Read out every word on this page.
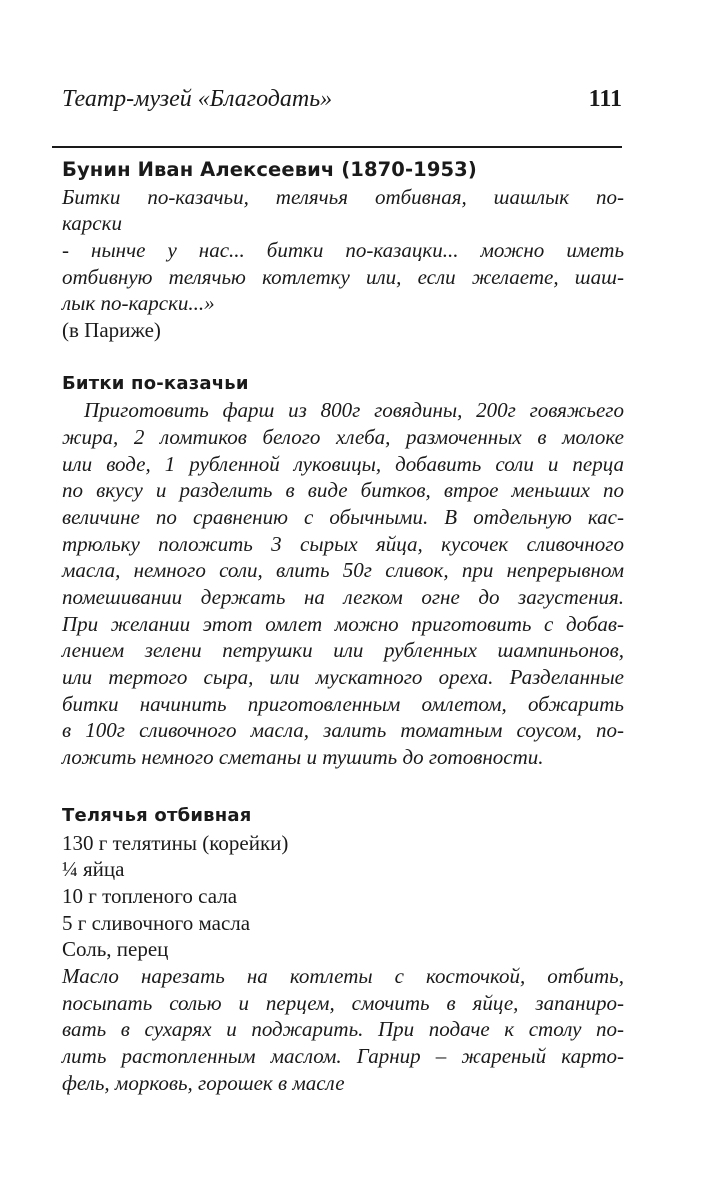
Театр-музей «Благодать»	111
Бунин Иван Алексеевич (1870-1953)
Битки по-казачьи, телячья отбивная, шашлык по-
карски
- нынче у нас... битки по-казацки... можно иметь
отбивную телячью котлетку или, если желаете, шаш-
лык по-карски...»
(в Париже)
Битки по-казачьи
Приготовить фарш из 800г говядины, 200г говяжьего
жира, 2 ломтиков белого хлеба, размоченных в молоке
или воде, 1 рубленной луковицы, добавить соли и перца
по вкусу и разделить в виде битков, втрое меньших по
величине по сравнению с обычными. В отдельную кас-
трюльку положить 3 сырых яйца, кусочек сливочного
масла, немного соли, влить 50г сливок, при непрерывном
помешивании держать на легком огне до загустения.
При желании этот омлет можно приготовить с добав-
лением зелени петрушки или рубленных шампиньонов,
или тертого сыра, или мускатного ореха. Разделанные
битки начинить приготовленным омлетом, обжарить
в 100г сливочного масла, залить томатным соусом, по-
ложить немного сметаны и тушить до готовности.
Телячья отбивная
130 г телятины (корейки)
¼ яйца
10 г топленого сала
5 г сливочного масла
Соль, перец
Масло нарезать на котлеты с косточкой, отбить,
посыпать солью и перцем, смочить в яйце, запаниро-
вать в сухарях и поджарить. При подаче к столу по-
лить растопленным маслом. Гарнир – жареный карто-
фель, морковь, горошек в масле
